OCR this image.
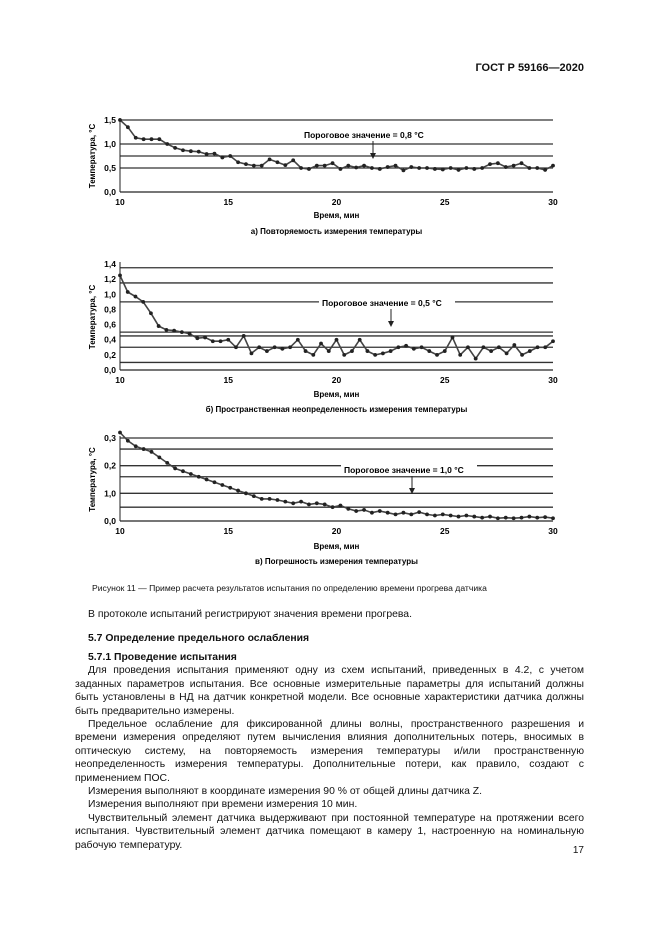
ГОСТ Р 59166—2020
0,0
0,5
1,0
1,5
10	15	20	25	30
Температура, °С
Время, мин
а) Повторяемость измерения температуры
Пороговое значение = 0,8 °С
0,0
0,2
0,4
0,6
0,8
1,0
1,2
1,4
10	15	20	25	30
Температура, °С
Время, мин
б) Пространственная неопределенность измерения температуры
Пороговое значение = 0,5 °С
0,0
1,0
0,2
0,3
10	15	20	25	30
Температура, °С
Время, мин
в) Погрешность измерения температуры
Пороговое значение = 1,0 °С
Рисунок 11 — Пример расчета результатов испытания по определению времени прогрева датчика

В протоколе испытаний регистрируют значения времени прогрева.

5.7 Определение предельного ослабления

5.7.1 Проведение испытания

Для проведения испытания применяют одну из схем испытаний, приведенных в 4.2, с учетом заданных параметров испытания. Все основные измерительные параметры для испытаний должны быть установлены в НД на датчик конкретной модели. Все основные характеристики датчика должны быть предварительно измерены.

Предельное ослабление для фиксированной длины волны, пространственного разрешения и времени измерения определяют путем вычисления влияния дополнительных потерь, вносимых в оптическую систему, на повторяемость измерения температуры и/или пространственную неопределенность измерения температуры. Дополнительные потери, как правило, создают с применением ПОС.

Измерения выполняют в координате измерения 90 % от общей длины датчика Z.

Измерения выполняют при времени измерения 10 мин.

Чувствительный элемент датчика выдерживают при постоянной температуре на протяжении всего испытания. Чувствительный элемент датчика помещают в камеру 1, настроенную на номинальную рабочую температуру.	17
